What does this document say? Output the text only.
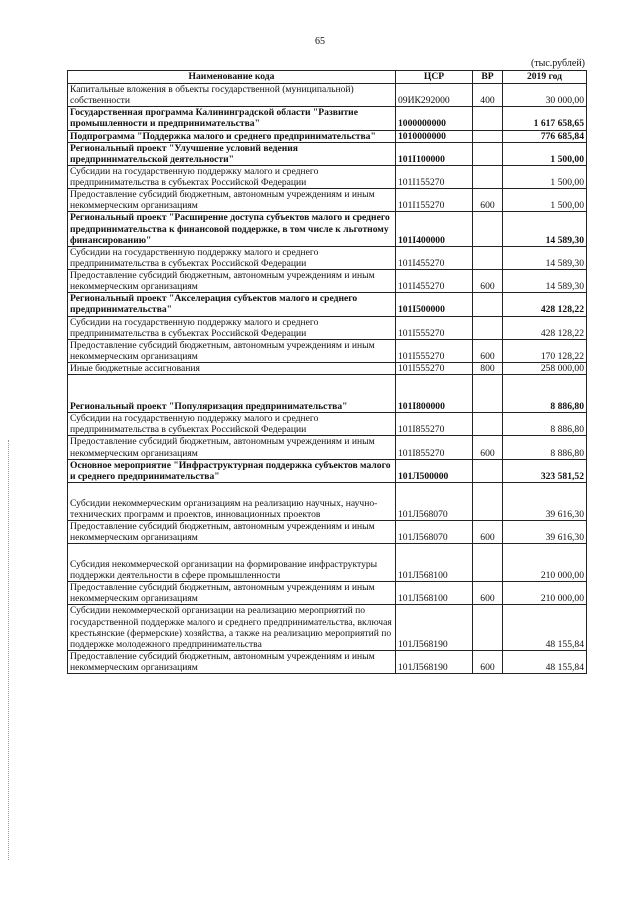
65
(тыс.рублей)
Наименование кода	ЦСР	ВР	2019 год
Капитальные вложения в объекты государственной (муниципальной) собственности	09ИК292000	400	30 000,00
Государственная программа Калининградской области "Развитие промышленности и предпринимательства"	1000000000		1 617 658,65
Подпрограмма "Поддержка малого и среднего предпринимательства"	1010000000		776 685,84
Региональный проект "Улучшение условий ведения предпринимательской деятельности"	101I100000		1 500,00
Субсидии на государственную поддержку малого и среднего предпринимательства в субъектах Российской Федерации	101I155270		1 500,00
Предоставление субсидий бюджетным, автономным учреждениям и иным некоммерческим организациям	101I155270	600	1 500,00
Региональный проект "Расширение доступа субъектов малого и среднего предпринимательства к финансовой поддержке, в том числе к льготному финансированию"	101I400000		14 589,30
Субсидии на государственную поддержку малого и среднего предпринимательства в субъектах Российской Федерации	101I455270		14 589,30
Предоставление субсидий бюджетным, автономным учреждениям и иным некоммерческим организациям	101I455270	600	14 589,30
Региональный проект "Акселерация субъектов малого и среднего предпринимательства"	101I500000		428 128,22
Субсидии на государственную поддержку малого и среднего предпринимательства в субъектах Российской Федерации	101I555270		428 128,22
Предоставление субсидий бюджетным, автономным учреждениям и иным некоммерческим организациям	101I555270	600	170 128,22
Иные бюджетные ассигнования	101I555270	800	258 000,00
Региональный проект "Популяризация предпринимательства"	101I800000		8 886,80
Субсидии на государственную поддержку малого и среднего предпринимательства в субъектах Российской Федерации	101I855270		8 886,80
Предоставление субсидий бюджетным, автономным учреждениям и иным некоммерческим организациям	101I855270	600	8 886,80
Основное мероприятие "Инфраструктурная поддержка субъектов малого и среднего предпринимательства"	101Л500000		323 581,52
Субсидии некоммерческим организациям на реализацию научных, научно-технических программ и проектов, инновационных проектов	101Л568070		39 616,30
Предоставление субсидий бюджетным, автономным учреждениям и иным некоммерческим организациям	101Л568070	600	39 616,30
Субсидия некоммерческой организации на формирование инфраструктуры поддержки деятельности в сфере промышленности	101Л568100		210 000,00
Предоставление субсидий бюджетным, автономным учреждениям и иным некоммерческим организациям	101Л568100	600	210 000,00
Субсидии некоммерческой организации на реализацию мероприятий по государственной поддержке малого и среднего предпринимательства, включая крестьянские (фермерские) хозяйства, а также на реализацию мероприятий по поддержке молодежного предпринимательства	101Л568190		48 155,84
Предоставление субсидий бюджетным, автономным учреждениям и иным некоммерческим организациям	101Л568190	600	48 155,84
